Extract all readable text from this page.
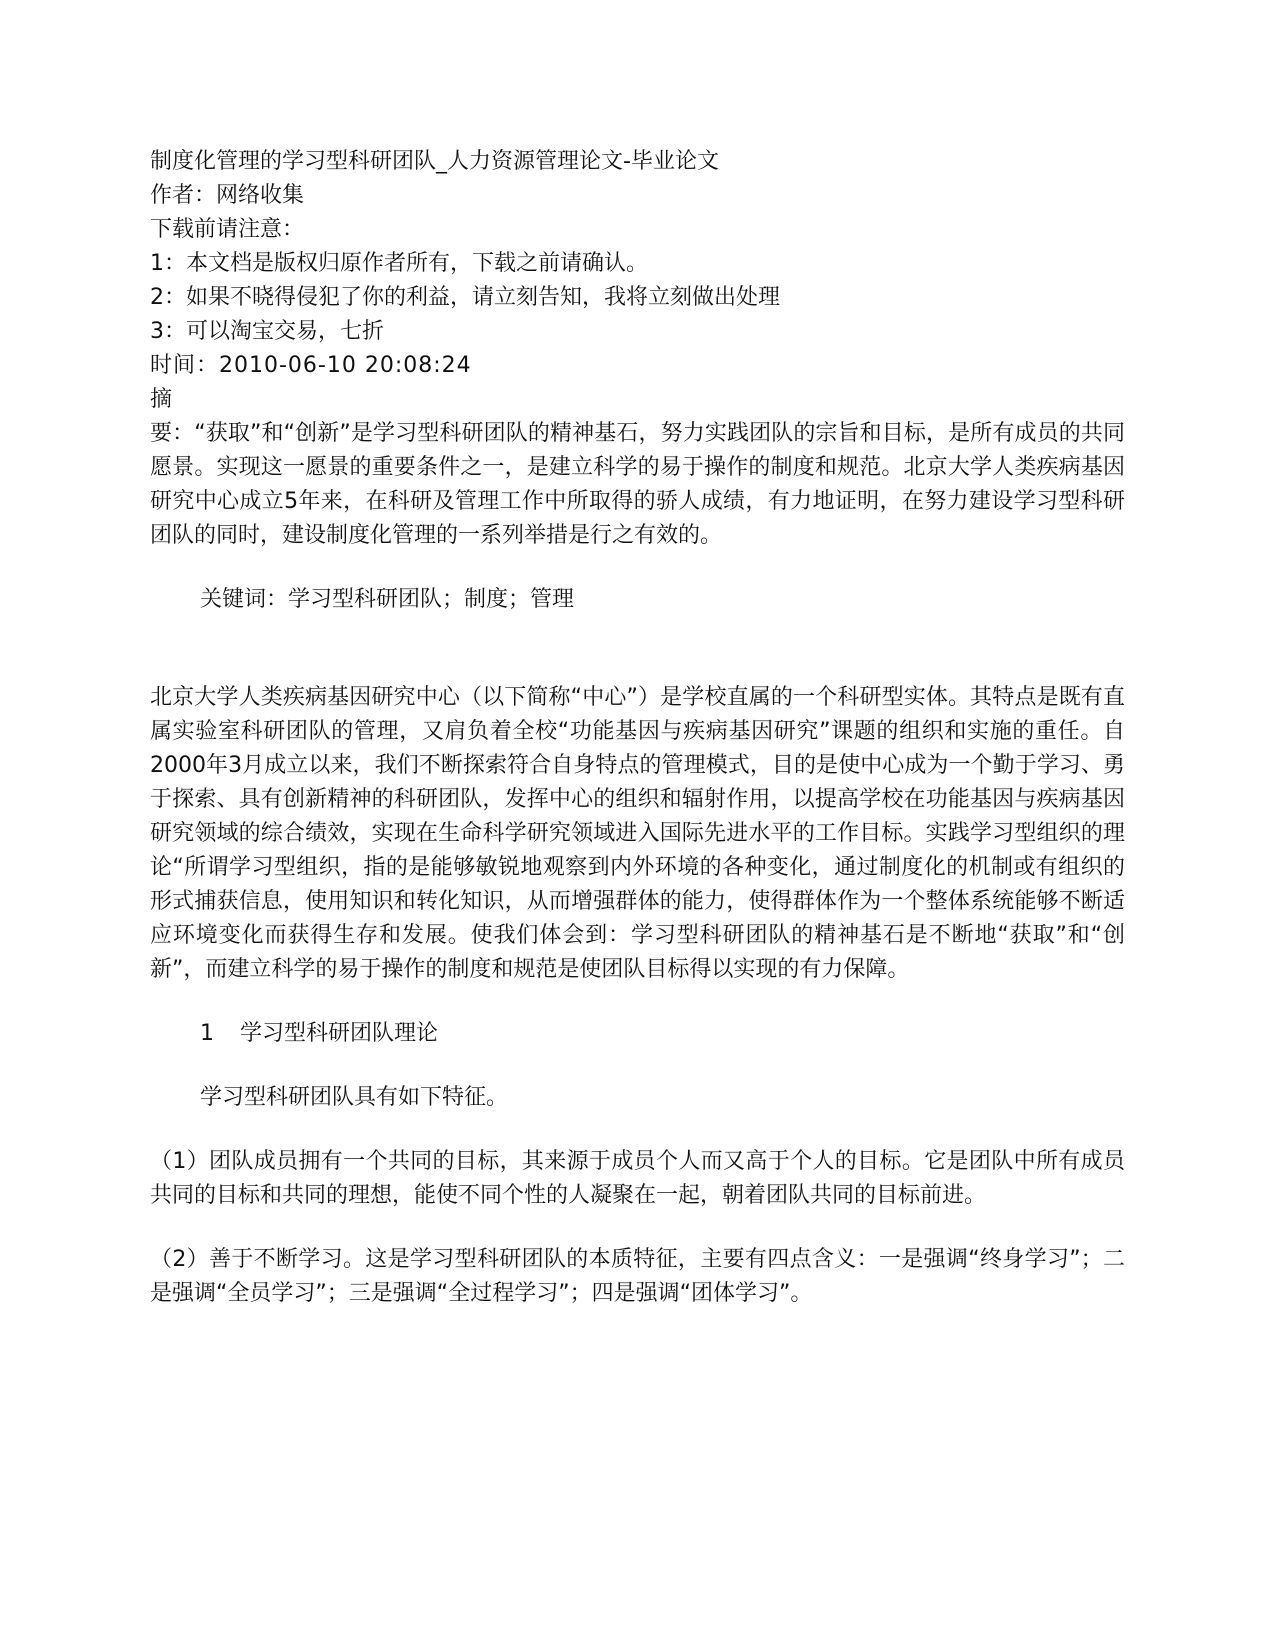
制度化管理的学习型科研团队_人力资源管理论文-毕业论文

作者：网络收集

下载前请注意：

1：本文档是版权归原作者所有，下载之前请确认。

2：如果不晓得侵犯了你的利益，请立刻告知，我将立刻做出处理

3：可以淘宝交易，七折

时间：2010-06-10 20:08:24

摘

要：“获取”和“创新”是学习型科研团队的精神基石，努力实践团队的宗旨和目标，是所有成员的共同愿景。实现这一愿景的重要条件之一，是建立科学的易于操作的制度和规范。北京大学人类疾病基因研究中心成立5年来，在科研及管理工作中所取得的骄人成绩，有力地证明，在努力建设学习型科研团队的同时，建设制度化管理的一系列举措是行之有效的。

关键词：学习型科研团队；制度；管理

北京大学人类疾病基因研究中心（以下简称“中心”）是学校直属的一个科研型实体。其特点是既有直属实验室科研团队的管理，又肩负着全校“功能基因与疾病基因研究”课题的组织和实施的重任。自2000年3月成立以来，我们不断探索符合自身特点的管理模式，目的是使中心成为一个勤于学习、勇于探索、具有创新精神的科研团队，发挥中心的组织和辐射作用，以提高学校在功能基因与疾病基因研究领域的综合绩效，实现在生命科学研究领域进入国际先进水平的工作目标。实践学习型组织的理论“所谓学习型组织，指的是能够敏锐地观察到内外环境的各种变化，通过制度化的机制或有组织的形式捕获信息，使用知识和转化知识，从而增强群体的能力，使得群体作为一个整体系统能够不断适应环境变化而获得生存和发展。使我们体会到：学习型科研团队的精神基石是不断地“获取”和“创新”，而建立科学的易于操作的制度和规范是使团队目标得以实现的有力保障。

1 学习型科研团队理论

学习型科研团队具有如下特征。

（1）团队成员拥有一个共同的目标，其来源于成员个人而又高于个人的目标。它是团队中所有成员共同的目标和共同的理想，能使不同个性的人凝聚在一起，朝着团队共同的目标前进。

（2）善于不断学习。这是学习型科研团队的本质特征，主要有四点含义：一是强调“终身学习”；二是强调“全员学习”；三是强调“全过程学习”；四是强调“团体学习”。
